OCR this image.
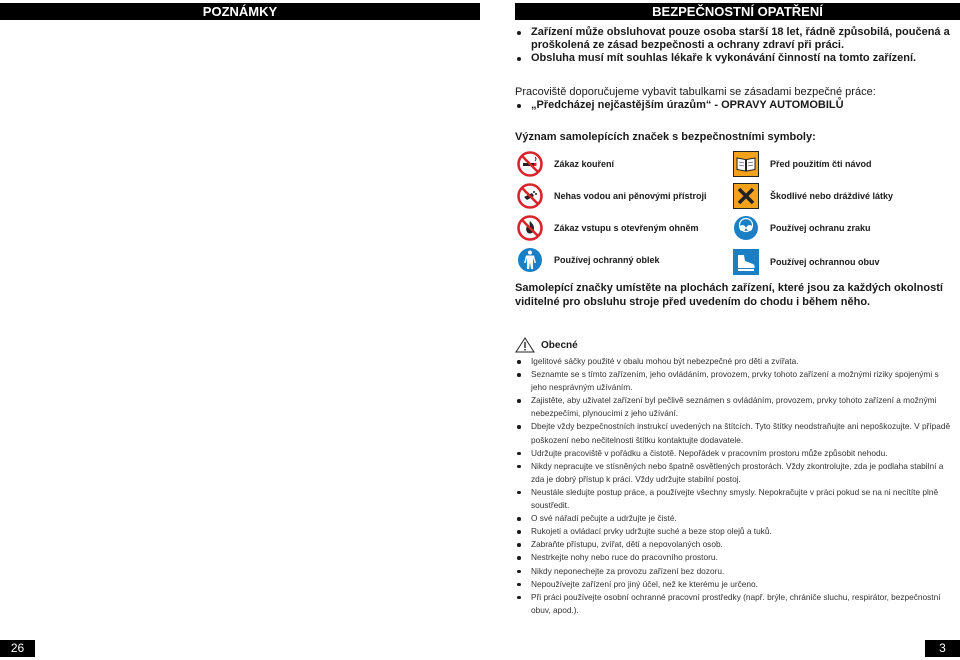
POZNÁMKY	BEZPEČNOSTNÍ OPATŘENÍ
Zařízení může obsluhovat pouze osoba starší 18 let, řádně způsobilá, poučená a proškolená ze zásad bezpečnosti a ochrany zdraví při práci.
Obsluha musí mít souhlas lékaře k vykonávání činností na tomto zařízení.
Pracoviště doporučujeme vybavit tabulkami se zásadami bezpečné práce:
„Předcházej nejčastějším úrazům“ - OPRAVY AUTOMOBILŮ
Význam samolepících značek s bezpečnostními symboly:
Zákaz kouření	Před použitím čti návod
Nehas vodou ani pěnovými přístroji	Škodlivé nebo dráždivé látky
Zákaz vstupu s otevřeným ohněm	Používej ochranu zraku
Používej ochranný oblek	Používej ochrannou obuv
Samolepící značky umístěte na plochách zařízení, které jsou za každých okolností viditelné pro obsluhu stroje před uvedením do chodu i během něho.
Obecné
Igelitové sáčky použité v obalu mohou být nebezpečné pro děti a zvířata.
Seznamte se s tímto zařízením, jeho ovládáním, provozem, prvky tohoto zařízení a možnými riziky spojenými s jeho nesprávným užíváním.
Zajistěte, aby uživatel zařízení byl pečlivě seznámen s ovládáním, provozem, prvky tohoto zařízení a možnými nebezpečími, plynoucími z jeho užívání.
Dbejte vždy bezpečnostních instrukcí uvedených na štítcích. Tyto štítky neodstraňujte ani nepoškozujte. V případě poškození nebo nečitelnosti štítku kontaktujte dodavatele.
Udržujte pracoviště v pořádku a čistotě. Nepořádek v pracovním prostoru může způsobit nehodu.
Nikdy nepracujte ve stísněných nebo špatně osvětlených prostorách. Vždy zkontrolujte, zda je podlaha stabilní a zda je dobrý přístup k práci. Vždy udržujte stabilní postoj.
Neustále sledujte postup práce, a používejte všechny smysly. Nepokračujte v práci pokud se na ni necítíte plně soustředit.
O své nářadí pečujte a udržujte je čisté.
Rukojeti a ovládací prvky udržujte suché a beze stop olejů a tuků.
Zabraňte přístupu, zvířat, dětí a nepovolaných osob.
Nestrkejte nohy nebo ruce do pracovního prostoru.
Nikdy neponechejte za provozu zařízení bez dozoru.
Nepoužívejte zařízení pro jiný účel, než ke kterému je určeno.
Při práci používejte osobní ochranné pracovní prostředky (např. brýle, chrániče sluchu, respirátor, bezpečnostní obuv, apod.).
26	3
